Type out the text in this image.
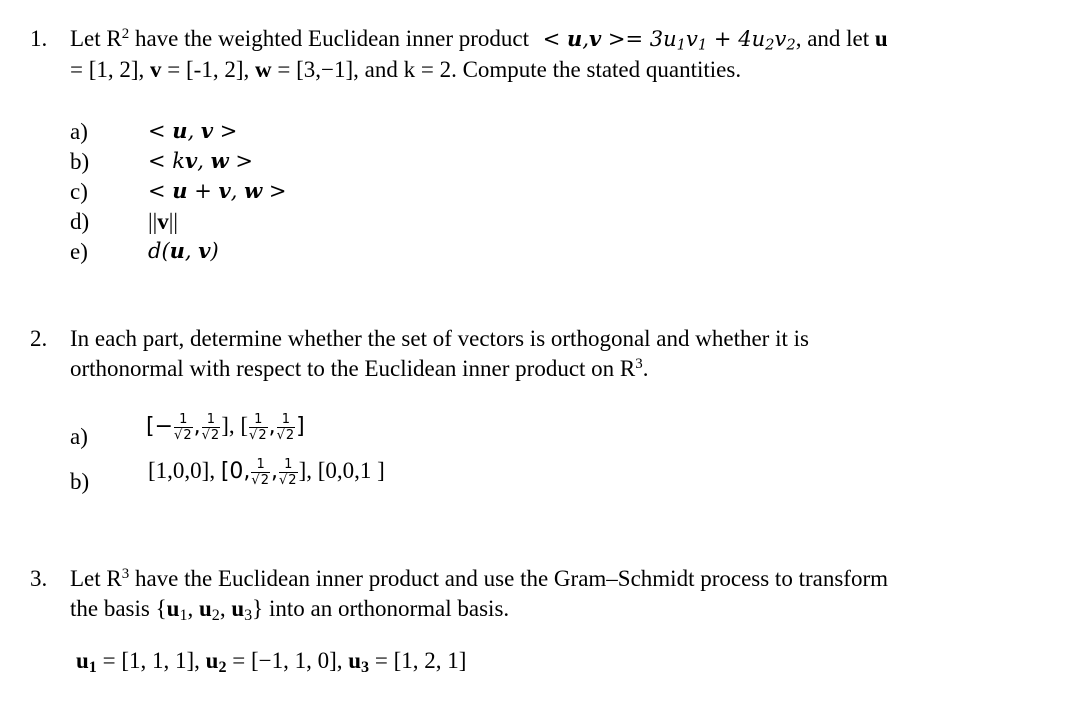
1. Let $R^2$ have the weighted Euclidean inner product < $u,v >= 3u_1v_1 + 4u_2v_2$, and let u
= [1, 2], v = [-1, 2], w = [3,−1], and k = 2. Compute the stated quantities.
a)	< u, v >
b)	< kv, w >
c)	< u + v, w >
d)	||v||
e)	d(u, v)
2. In each part, determine whether the set of vectors is orthogonal and whether it is
orthonormal with respect to the Euclidean inner product on $R^3$.
a)	[− $\frac{1}{√2}$ , $\frac{1}{√2}$ ], [ $\frac{1}{√2}$ , $\frac{1}{√2}$ ]
b)	[1,0,0], [0, $\frac{1}{√2}$ , $\frac{1}{√2}$ ], [0,0,1 ]
3. Let $R^3$ have the Euclidean inner product and use the Gram–Schmidt process to transform
the basis {$u_1$, $u_2$, $u_3$} into an orthonormal basis.
$u_1 = [1$, 1, 1], $u_2 = [-1$, 1, 0], $u_3 = [1$, 2, 1]
